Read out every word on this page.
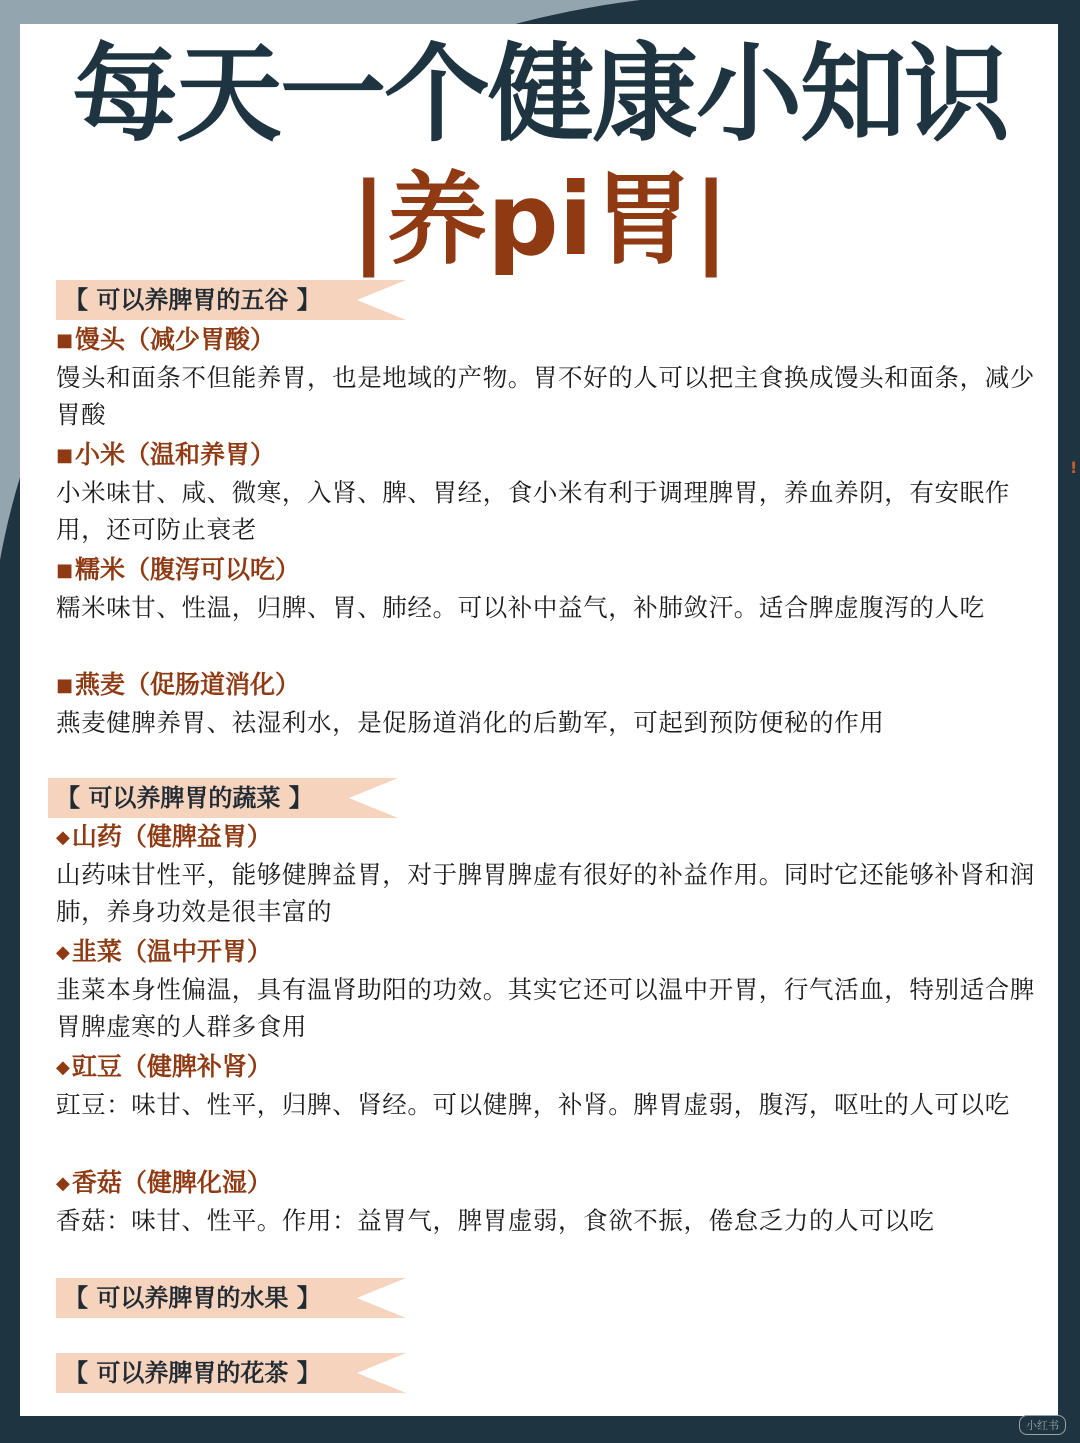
每天一个健康小知识
|养pi胃|
【 可以养脾胃的五谷 】
■馒头（减少胃酸）
馒头和面条不但能养胃，也是地域的产物。胃不好的人可以把主食换成馒头和面条，减少胃酸
■小米（温和养胃）
小米味甘、咸、微寒，入肾、脾、胃经，食小米有利于调理脾胃，养血养阴，有安眠作用，还可防止衰老
■糯米（腹泻可以吃）
糯米味甘、性温，归脾、胃、肺经。可以补中益气，补肺敛汗。适合脾虚腹泻的人吃
■燕麦（促肠道消化）
燕麦健脾养胃、祛湿利水，是促肠道消化的后勤军，可起到预防便秘的作用
【 可以养脾胃的蔬菜 】
◆山药（健脾益胃）
山药味甘性平，能够健脾益胃，对于脾胃脾虚有很好的补益作用。同时它还能够补肾和润肺，养身功效是很丰富的
◆韭菜（温中开胃）
韭菜本身性偏温，具有温肾助阳的功效。其实它还可以温中开胃，行气活血，特别适合脾胃脾虚寒的人群多食用
◆豇豆（健脾补肾）
豇豆：味甘、性平，归脾、肾经。可以健脾，补肾。脾胃虚弱，腹泻，呕吐的人可以吃
◆香菇（健脾化湿）
香菇：味甘、性平。作用：益胃气，脾胃虚弱，食欲不振，倦怠乏力的人可以吃
【 可以养脾胃的水果 】
【 可以养脾胃的花茶 】
!
小红书
